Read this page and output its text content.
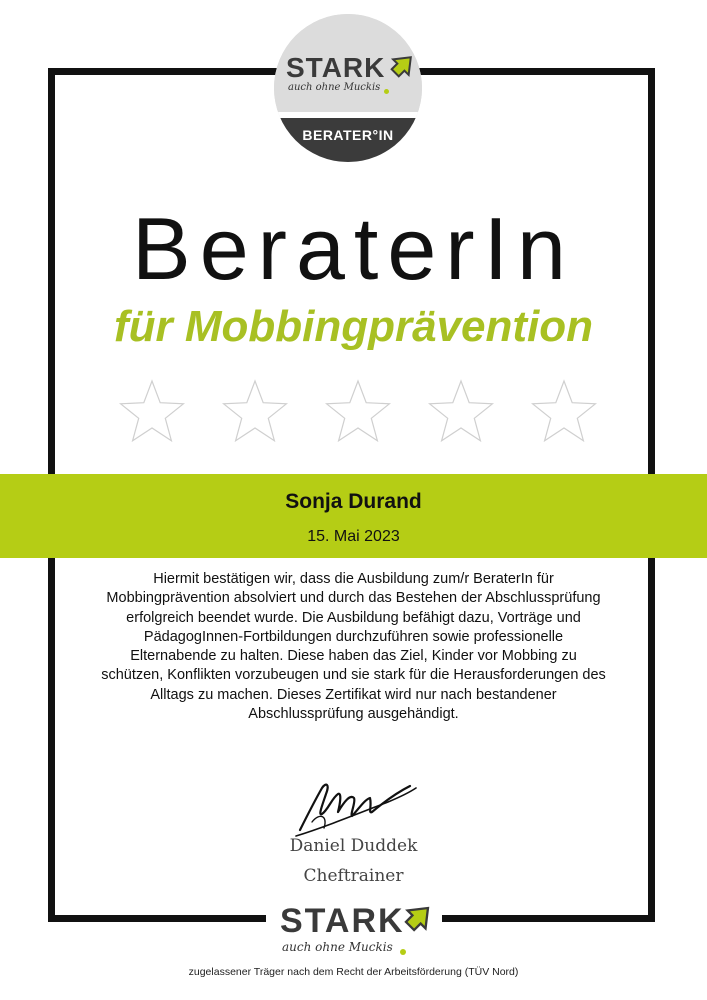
STARK
auch ohne Muckis
BERATER°IN
BeraterIn
für Mobbingprävention
Sonja Durand
15. Mai 2023
Hiermit bestätigen wir, dass die Ausbildung zum/r BeraterIn für Mobbingprävention absolviert und durch das Bestehen der Abschlussprüfung erfolgreich beendet wurde. Die Ausbildung befähigt dazu, Vorträge und PädagogInnen-Fortbildungen durchzuführen sowie professionelle Elternabende zu halten. Diese haben das Ziel, Kinder vor Mobbing zu schützen, Konflikten vorzubeugen und sie stark für die Herausforderungen des Alltags zu machen. Dieses Zertifikat wird nur nach bestandener Abschlussprüfung ausgehändigt.
Daniel Duddek
Cheftrainer
STARK
auch ohne Muckis
zugelassener Träger nach dem Recht der Arbeitsförderung (TÜV Nord)
